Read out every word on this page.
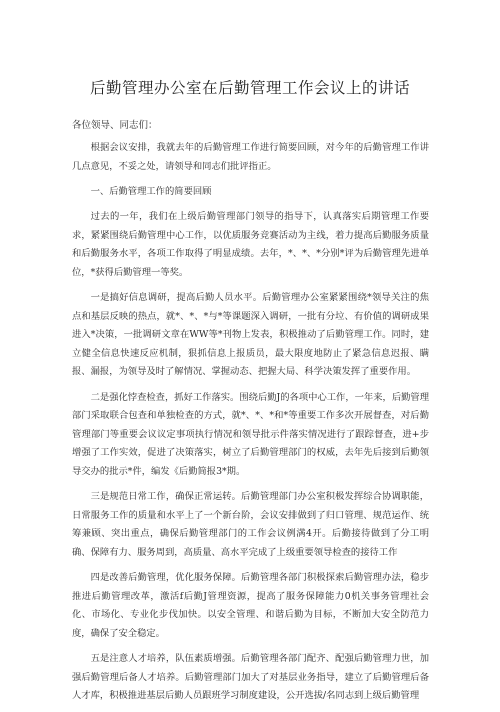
后勤管理办公室在后勤管理工作会议上的讲话
各位领导、同志们：

根据会议安排，我就去年的后勤管理工作进行简要回顾，对今年的后勤管理工作讲几点意见，不妥之处，请领导和同志们批评指正。

一、后勤管理工作的简要回顾

过去的一年，我们在上级后勤管理部门领导的指导下，认真落实后期管理工作要求，紧紧围绕后勤管理中心工作，以优质服务竞赛活动为主线，着力提高后勤服务质量和后勤服务水平，各项工作取得了明显成绩。去年，*、*、*分别*评为后勤管理先进单位，*获得后勤管理一等奖。

一是搞好信息调研，提高后勤人员水平。后勤管理办公室紧紧围绕*领导关注的焦点和基层反映的热点，就*、*、*与*等课题深入调研，一批有分垃、有价值的调研成果进入*决策，一批调研文章在WW等*刊物上发表，积极推动了后勤管理工作。同时，建立健全信息快速反应机制，狠抓信息上报质员，最大限度地防止了紧急信息迟报、瞒报、漏报，为领导及时了解情况、掌握动态、把握大局、科学决策发挥了重要作用。

二是强化悖查检查，抓好工作落实。围绕后勤J的各项中心工作，一年来，后勤管理部门采取联合包查和单独检查的方式，就*、*、*和*等重要工作多次开展督查，对后勤管理部门等重要会议议定事项执行情况和领导批示件落实情况进行了跟踪督查，进+步增强了工作实效，促进了决策落实，树立了后勤管理部门的权威，去年先后接到后勤领导交办的批示*件，编发《后勤简报3*期。

三是规范日常工作，确保正常运转。后勤管理部门办公室积极发挥综合协调职能，日常服务工作的质量和水平上了一个新台阶，会议安排做到了归口管理、规范运作、统筹兼顾、突出重点，确保后勤管理部门的工作会议例满4开。后勤接待做到了分工明确、保障有力、服务周到，高质量、高水平完成了上级重要领导检查的接待工作

四是改善后勤管理，优化服务保障。后勤管理各部门积极探索后勤管理办法，稳步推进后勤管理改革，激活f后勤J管理资源，提高了服务保障能力0机关事务管理社会化、市场化、专业化步伐加快。以安全管理、和谐后勤为目标，不断加大安全防范力度，确保了安全稳定。

五是注意人才培养，队伍素质增强。后勤管理各部门配齐、配强后勤管理力世，加强后勤管理后备人才培养。后勤管理部门加大了对基层业务指导，建立了后勤管理后备人才库，积极推进基层后勤人员跟班学习制度建设，公开选拔/名同志到上级后勤管理
